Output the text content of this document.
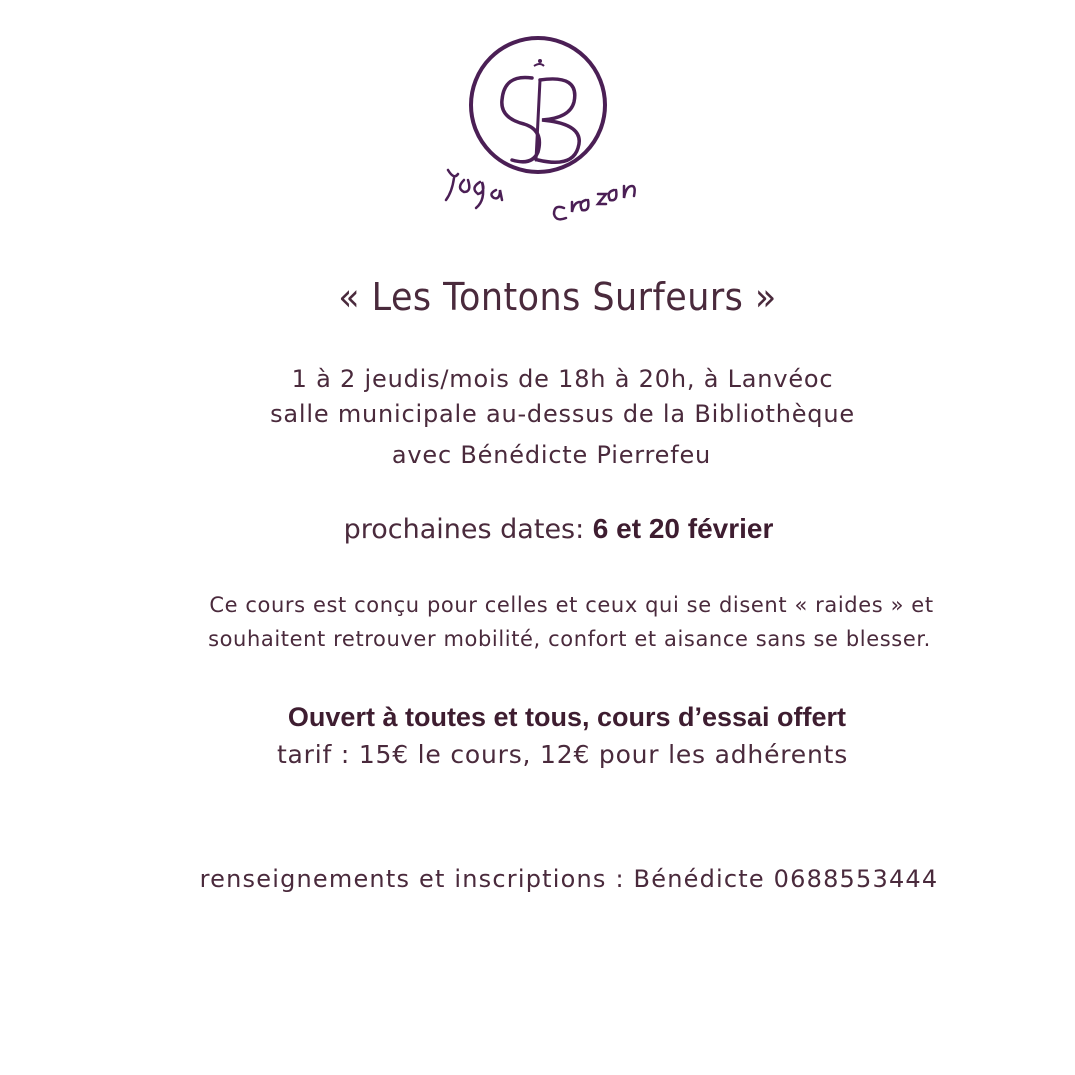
Yoga Crozon
« Les Tontons Surfeurs »
1 à 2 jeudis/mois de 18h à 20h, à Lanvéoc
salle municipale au-dessus de la Bibliothèque
avec Bénédicte Pierrefeu
prochaines dates: 6 et 20 février
Ce cours est conçu pour celles et ceux qui se disent « raides » et
souhaitent retrouver mobilité, confort et aisance sans se blesser.
Ouvert à toutes et tous, cours d’essai offert
tarif : 15€ le cours, 12€ pour les adhérents
renseignements et inscriptions : Bénédicte 0688553444
